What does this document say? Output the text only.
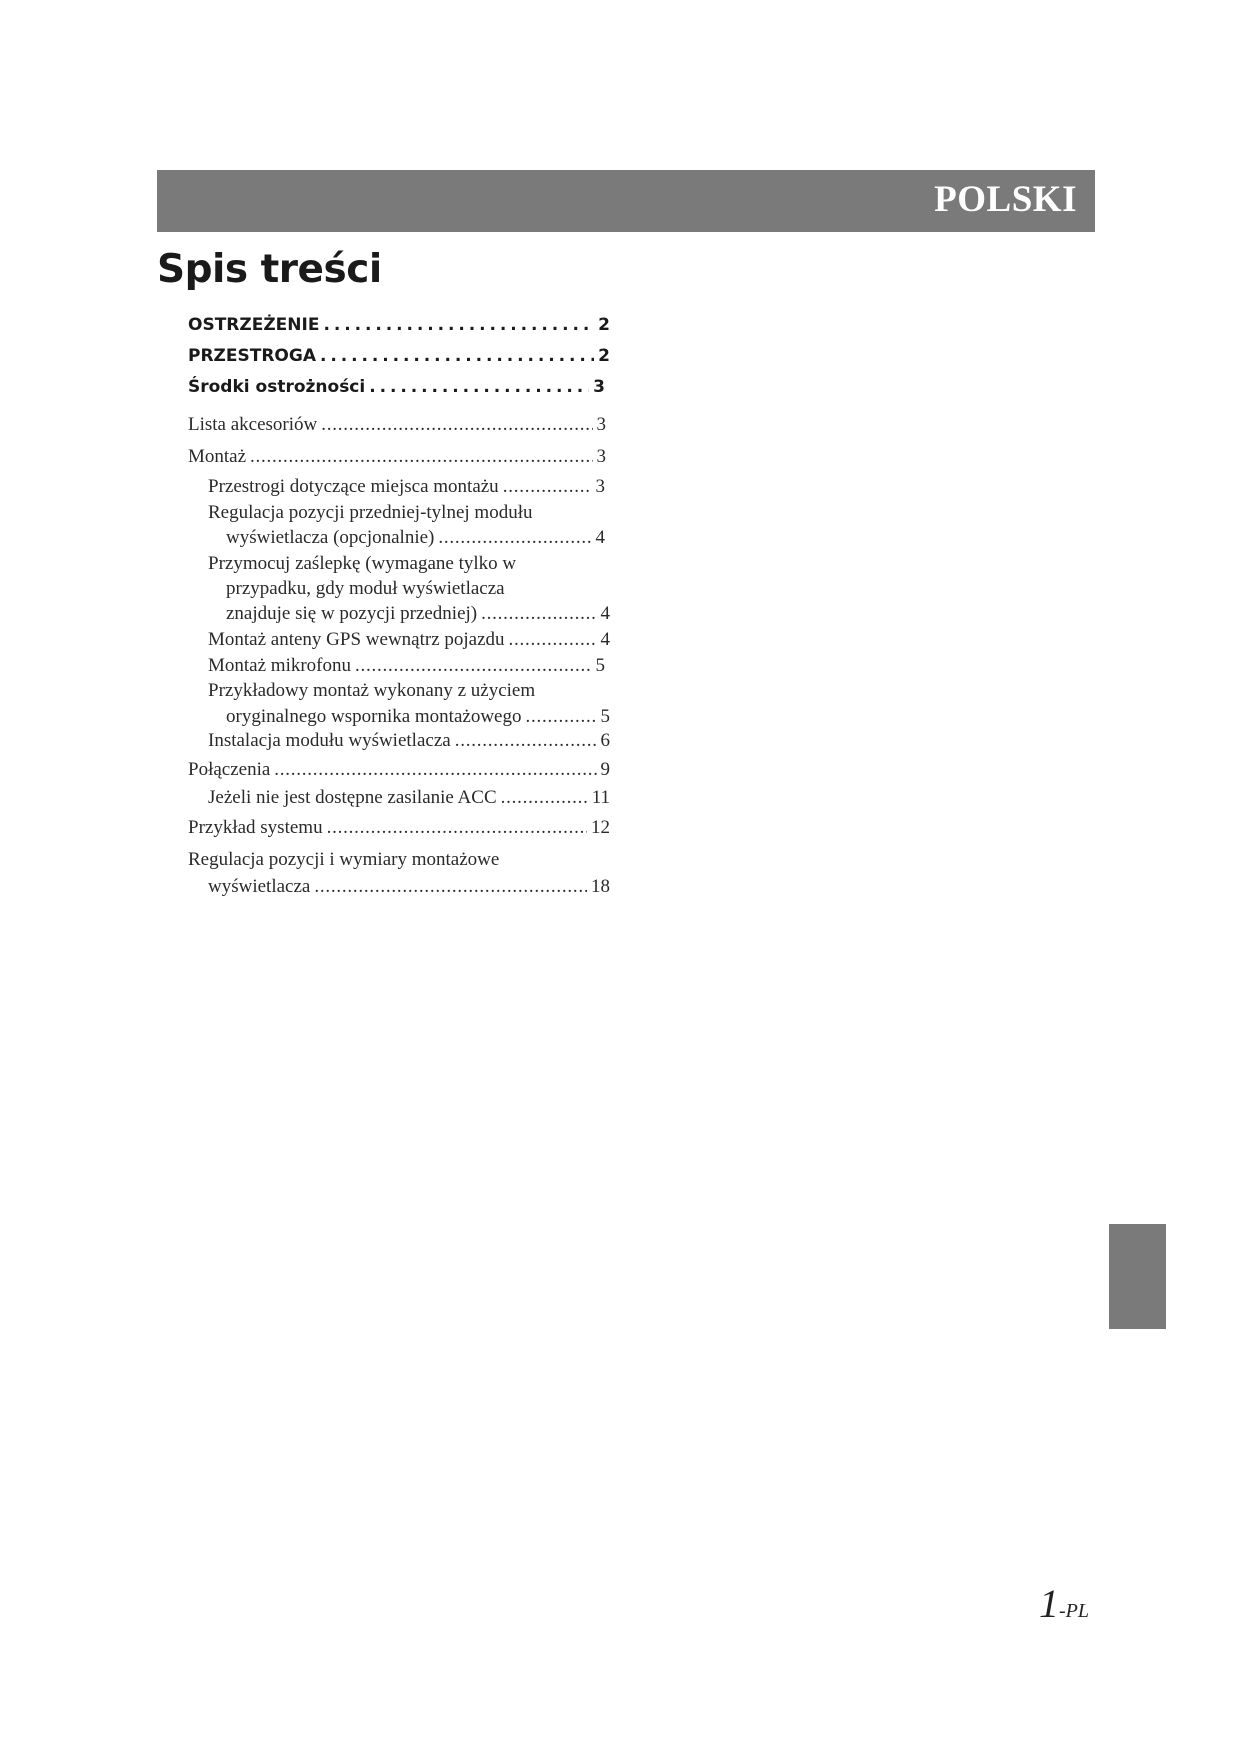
POLSKI
Spis treści
OSTRZEŻENIE . . .	2
PRZESTROGA . . .	2
Środki ostrożności . . .	3
Lista akcesoriów . . .	3
Montaż . . .	3
Przestrogi dotyczące miejsca montażu . . .	3
Regulacja pozycji przedniej-tylnej modułu
wyświetlacza (opcjonalnie) . . .	4
Przymocuj zaślepkę (wymagane tylko w
przypadku, gdy moduł wyświetlacza
znajduje się w pozycji przedniej) . . .	4
Montaż anteny GPS wewnątrz pojazdu . . .	4
Montaż mikrofonu . . .	5
Przykładowy montaż wykonany z użyciem
oryginalnego wspornika montażowego . . .	5
Instalacja modułu wyświetlacza . . .	6
Połączenia . . .	9
Jeżeli nie jest dostępne zasilanie ACC . . .	11
Przykład systemu . . .	12
Regulacja pozycji i wymiary montażowe
wyświetlacza . . .	18
1-PL
